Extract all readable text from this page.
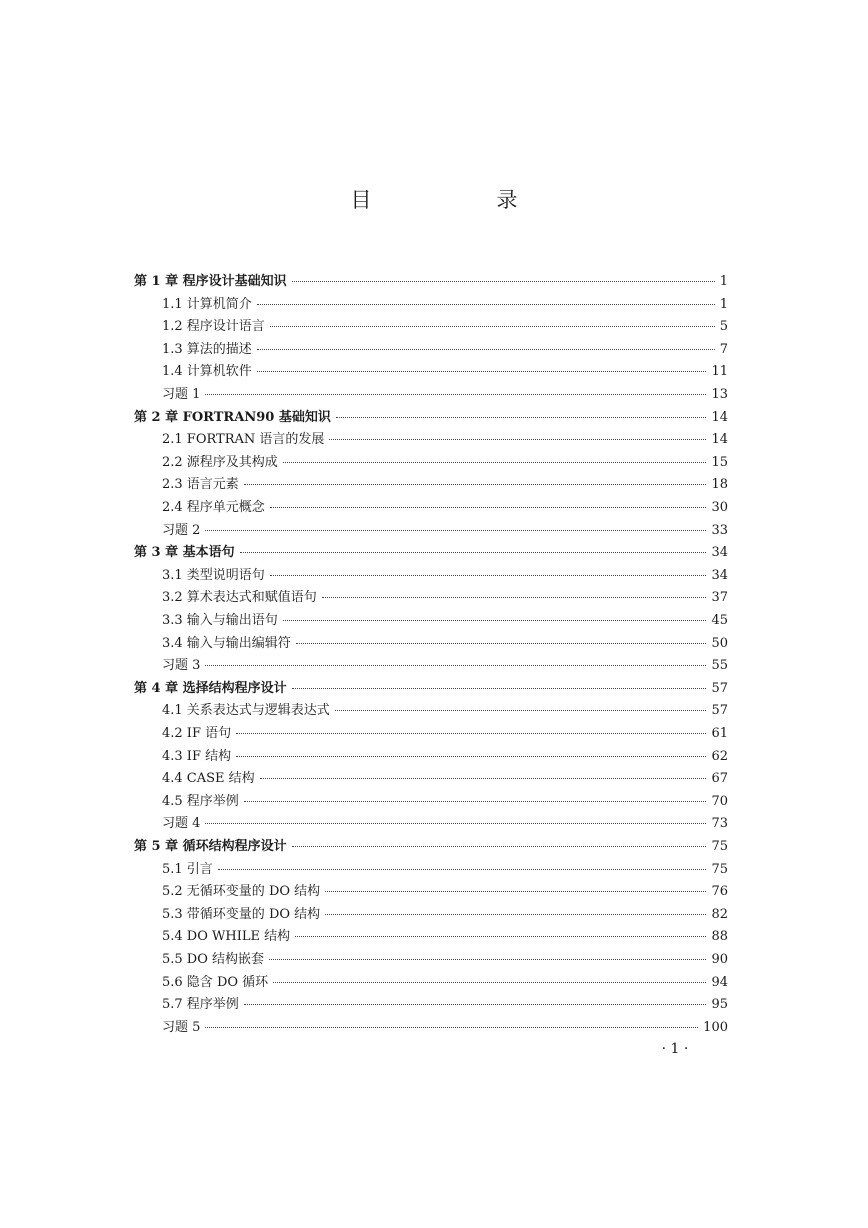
目　录
第 1 章 程序设计基础知识	1
1.1 计算机简介	1
1.2 程序设计语言	5
1.3 算法的描述	7
1.4 计算机软件	11
习题 1	13
第 2 章 FORTRAN90 基础知识	14
2.1 FORTRAN 语言的发展	14
2.2 源程序及其构成	15
2.3 语言元素	18
2.4 程序单元概念	30
习题 2	33
第 3 章 基本语句	34
3.1 类型说明语句	34
3.2 算术表达式和赋值语句	37
3.3 输入与输出语句	45
3.4 输入与输出编辑符	50
习题 3	55
第 4 章 选择结构程序设计	57
4.1 关系表达式与逻辑表达式	57
4.2 IF 语句	61
4.3 IF 结构	62
4.4 CASE 结构	67
4.5 程序举例	70
习题 4	73
第 5 章 循环结构程序设计	75
5.1 引言	75
5.2 无循环变量的 DO 结构	76
5.3 带循环变量的 DO 结构	82
5.4 DO WHILE 结构	88
5.5 DO 结构嵌套	90
5.6 隐含 DO 循环	94
5.7 程序举例	95
习题 5	100
· 1 ·
